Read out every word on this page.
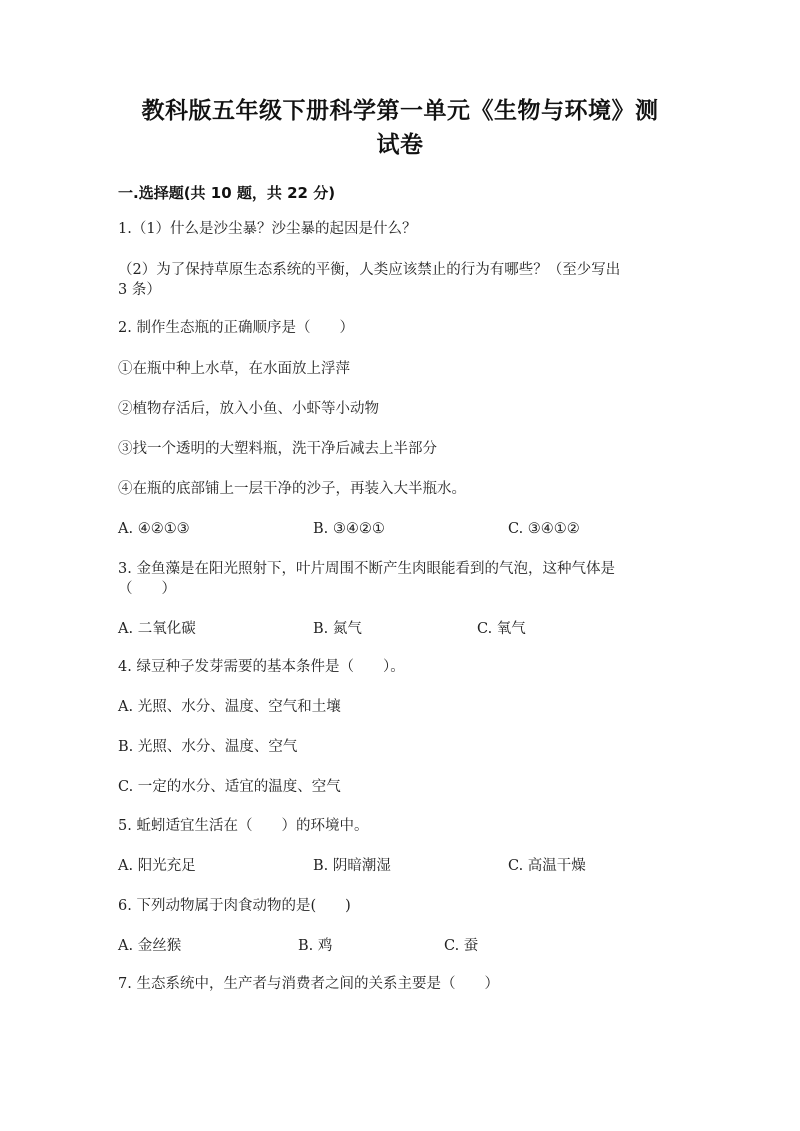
教科版五年级下册科学第一单元《生物与环境》测
试卷
一.选择题(共 10 题，共 22 分)
1.（1）什么是沙尘暴？沙尘暴的起因是什么？
（2）为了保持草原生态系统的平衡，人类应该禁止的行为有哪些？（至少写出
3 条）
2. 制作生态瓶的正确顺序是（　　）
①在瓶中种上水草，在水面放上浮萍
②植物存活后，放入小鱼、小虾等小动物
③找一个透明的大塑料瓶，洗干净后减去上半部分
④在瓶的底部铺上一层干净的沙子，再装入大半瓶水。
A. ④②①③	B. ③④②①	C. ③④①②
3. 金鱼藻是在阳光照射下，叶片周围不断产生肉眼能看到的气泡，这种气体是
（　　）
A. 二氧化碳	B. 氮气	C. 氧气
4. 绿豆种子发芽需要的基本条件是（　　）。
A. 光照、水分、温度、空气和土壤
B. 光照、水分、温度、空气
C. 一定的水分、适宜的温度、空气
5. 蚯蚓适宜生活在（　　）的环境中。
A. 阳光充足	B. 阴暗潮湿	C. 高温干燥
6. 下列动物属于肉食动物的是(　　)
A. 金丝猴	B. 鸡	C. 蚕
7. 生态系统中，生产者与消费者之间的关系主要是（　　）
